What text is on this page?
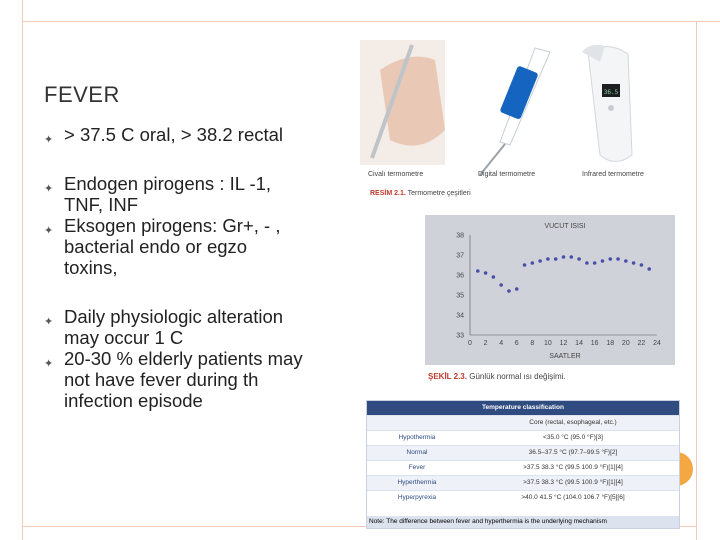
FEVER
✦ > 37.5 C oral, > 38.2 rectal
✦ Endogen pirogens : IL -1, TNF, INF
✦ Eksogen pirogens: Gr+, - , bacterial endo or egzo toxins,
✦ Daily physiologic alteration may occur 1 C
✦ 20-30 % elderly patients may not have fever during th infection episode
36.5
Civalı termometre	Digital termometre	Infrared termometre
RESİM 2.1. Termometre çeşitleri
VUCUT ISISI
SAATLER
33
34
35
36
37
38
0 2 4 6 8 10 12 14 16 18 20 22 24
ŞEKİL 2.3. Günlük normal ısı değişimi.
Temperature classification
Core (rectal, esophageal, etc.)
Hypothermia	<35.0 °C (95.0 °F)[3]
Normal	36.5–37.5 °C (97.7–99.5 °F)[2]
Fever	>37.5 38.3 °C (99.5 100.9 °F)[1][4]
Hyperthermia	>37.5 38.3 °C (99.5 100.9 °F)[1][4]
Hyperpyrexia	>40.0 41.5 °C (104.0 106.7 °F)[5][6]
Note: The difference between fever and hyperthermia is the underlying mechanism
